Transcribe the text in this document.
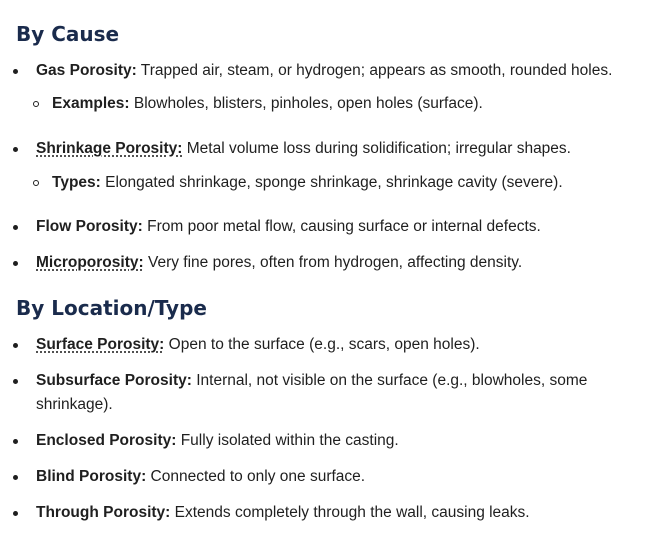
By Cause
Gas Porosity: Trapped air, steam, or hydrogen; appears as smooth, rounded holes.
Examples: Blowholes, blisters, pinholes, open holes (surface).
Shrinkage Porosity: Metal volume loss during solidification; irregular shapes.
Types: Elongated shrinkage, sponge shrinkage, shrinkage cavity (severe).
Flow Porosity: From poor metal flow, causing surface or internal defects.
Microporosity: Very fine pores, often from hydrogen, affecting density.
By Location/Type
Surface Porosity: Open to the surface (e.g., scars, open holes).
Subsurface Porosity: Internal, not visible on the surface (e.g., blowholes, some shrinkage).
Enclosed Porosity: Fully isolated within the casting.
Blind Porosity: Connected to only one surface.
Through Porosity: Extends completely through the wall, causing leaks.
